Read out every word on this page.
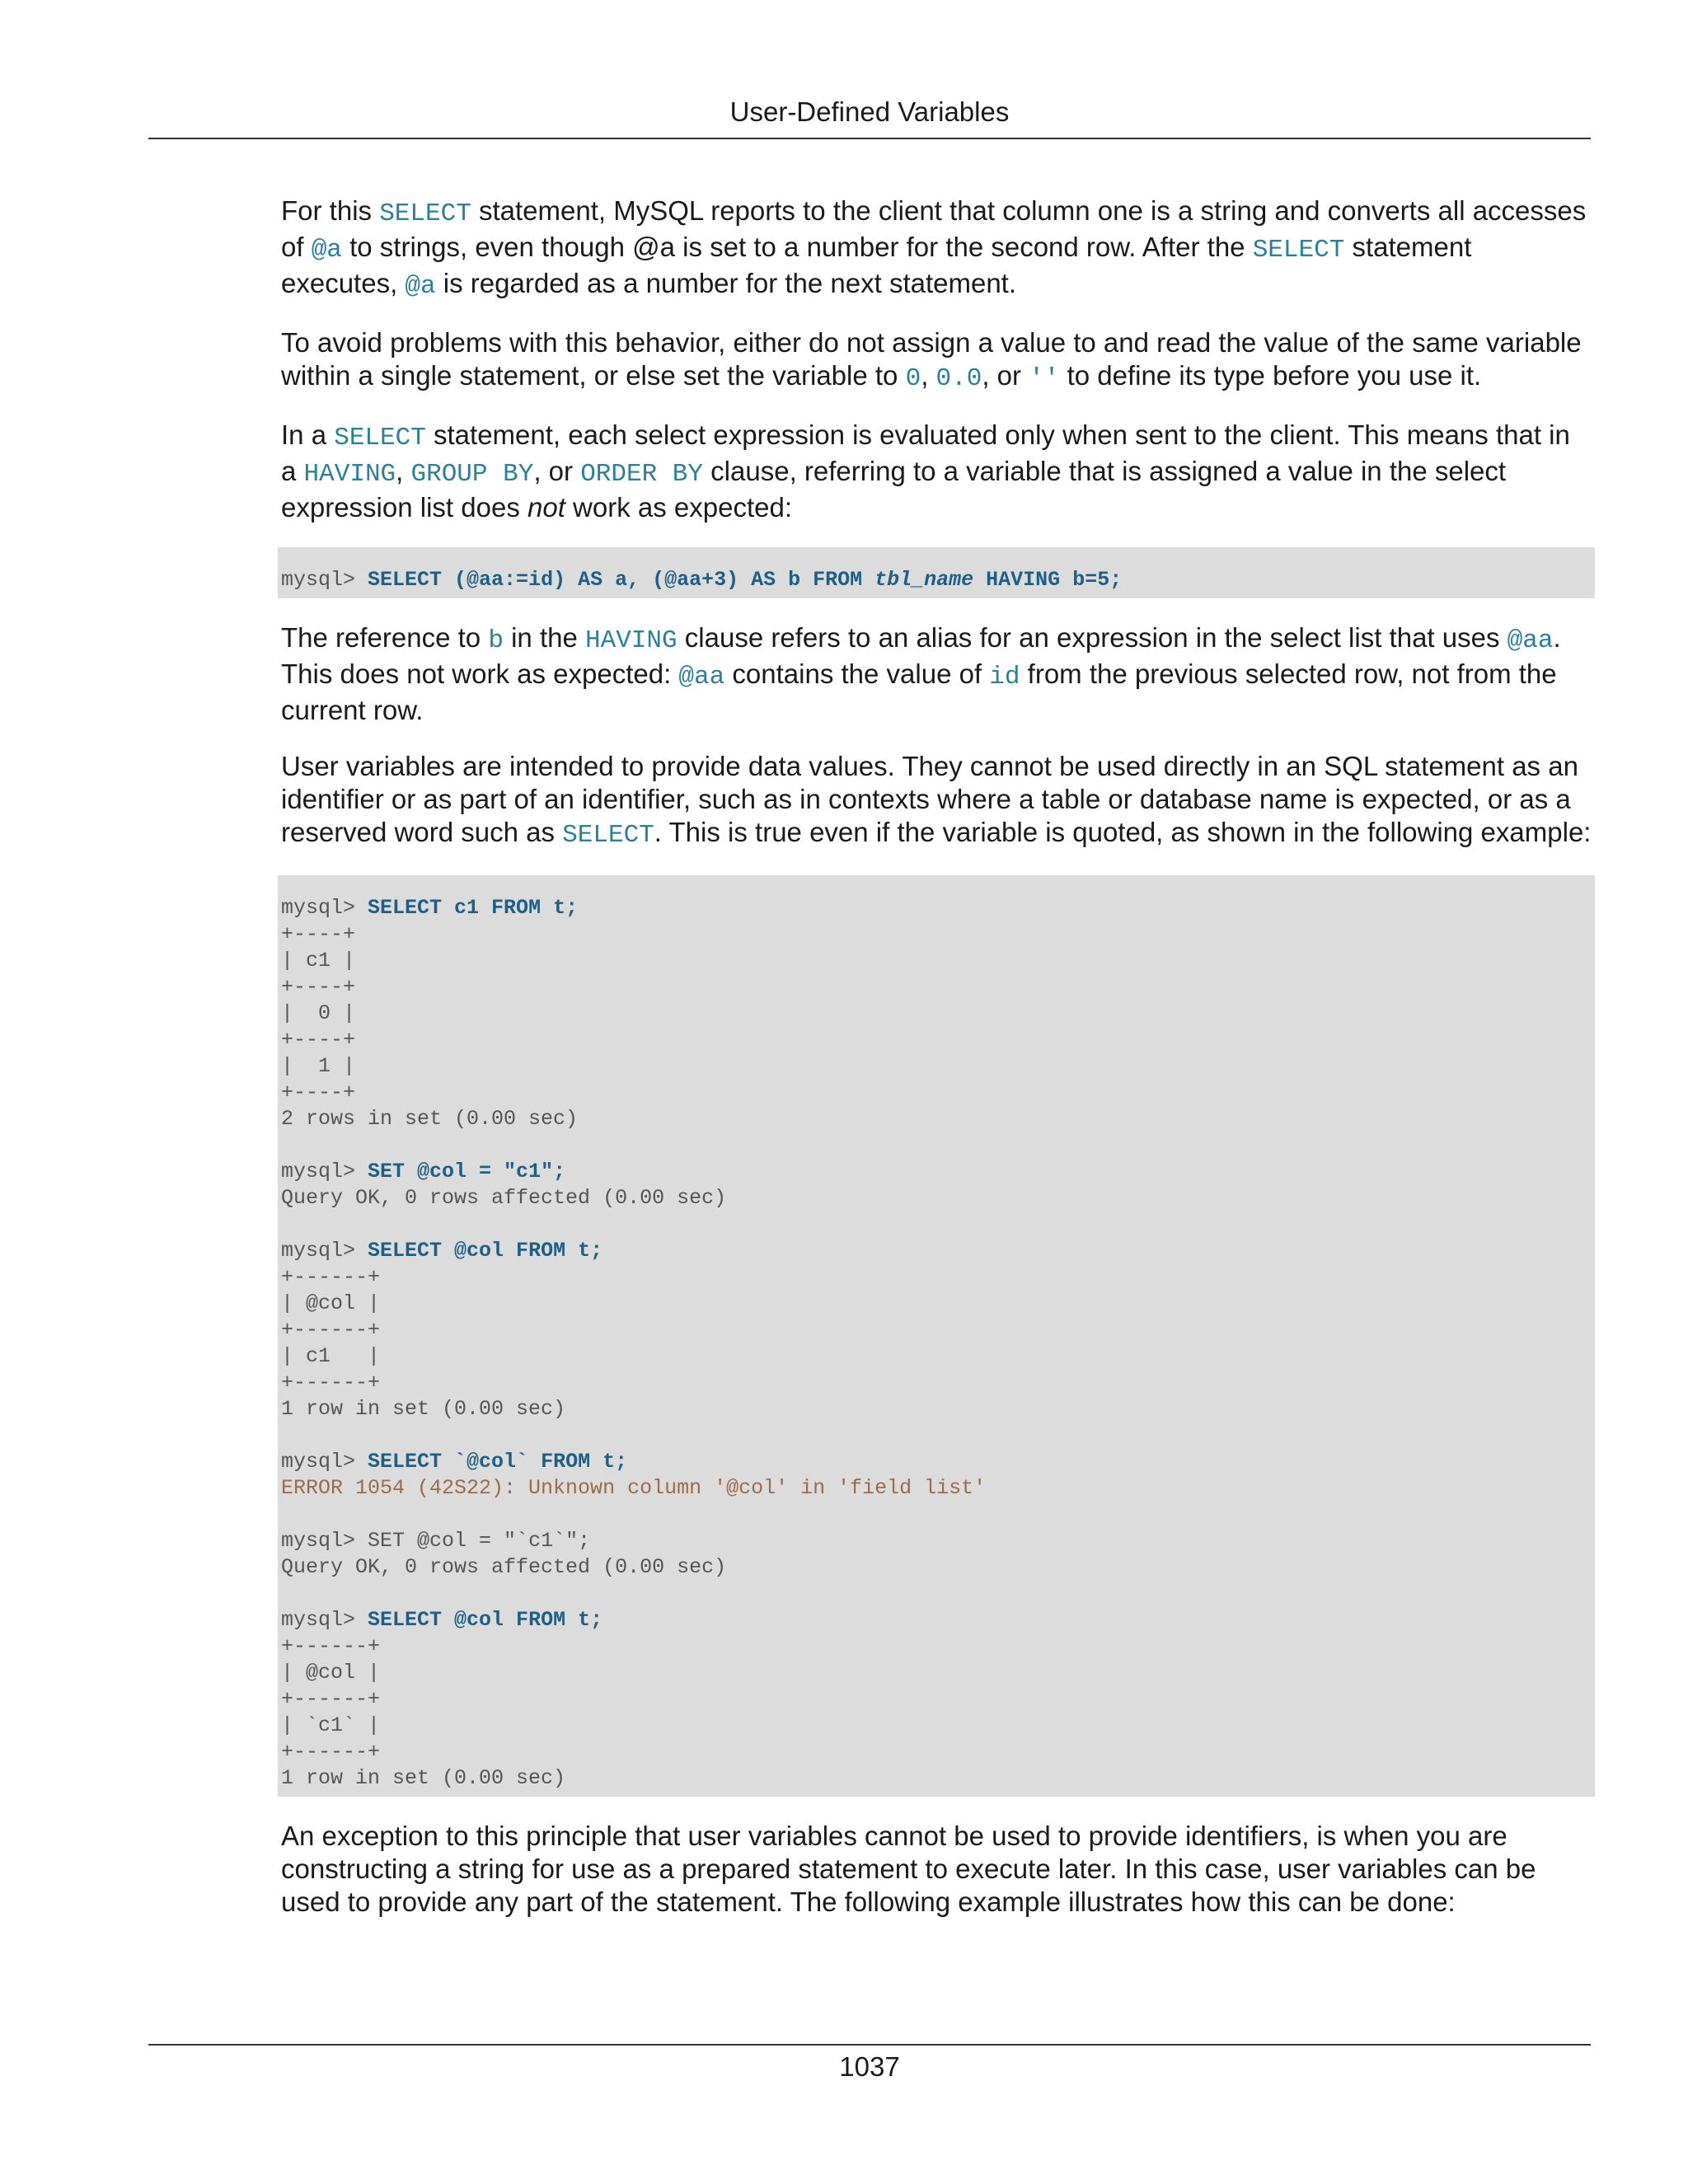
User-Defined Variables

For this SELECT statement, MySQL reports to the client that column one is a string and converts all accesses of @a to strings, even though @a is set to a number for the second row. After the SELECT statement executes, @a is regarded as a number for the next statement.

To avoid problems with this behavior, either do not assign a value to and read the value of the same variable within a single statement, or else set the variable to 0, 0.0, or '' to define its type before you use it.

In a SELECT statement, each select expression is evaluated only when sent to the client. This means that in a HAVING, GROUP BY, or ORDER BY clause, referring to a variable that is assigned a value in the select expression list does not work as expected:

mysql> SELECT (@aa:=id) AS a, (@aa+3) AS b FROM tbl_name HAVING b=5;

The reference to b in the HAVING clause refers to an alias for an expression in the select list that uses @aa. This does not work as expected: @aa contains the value of id from the previous selected row, not from the current row.

User variables are intended to provide data values. They cannot be used directly in an SQL statement as an identifier or as part of an identifier, such as in contexts where a table or database name is expected, or as a reserved word such as SELECT. This is true even if the variable is quoted, as shown in the following example:

mysql> SELECT c1 FROM t;
+----+
| c1 |
+----+
|  0 |
+----+
|  1 |
+----+
2 rows in set (0.00 sec)
mysql> SET @col = "c1";
Query OK, 0 rows affected (0.00 sec)
mysql> SELECT @col FROM t;
+------+
| @col |
+------+
| c1   |
+------+
1 row in set (0.00 sec)
mysql> SELECT `@col` FROM t;
ERROR 1054 (42S22): Unknown column '@col' in 'field list'
mysql> SET @col = "`c1`";
Query OK, 0 rows affected (0.00 sec)
mysql> SELECT @col FROM t;
+------+
| @col |
+------+
| `c1` |
+------+
1 row in set (0.00 sec)

An exception to this principle that user variables cannot be used to provide identifiers, is when you are constructing a string for use as a prepared statement to execute later. In this case, user variables can be used to provide any part of the statement. The following example illustrates how this can be done:

1037
